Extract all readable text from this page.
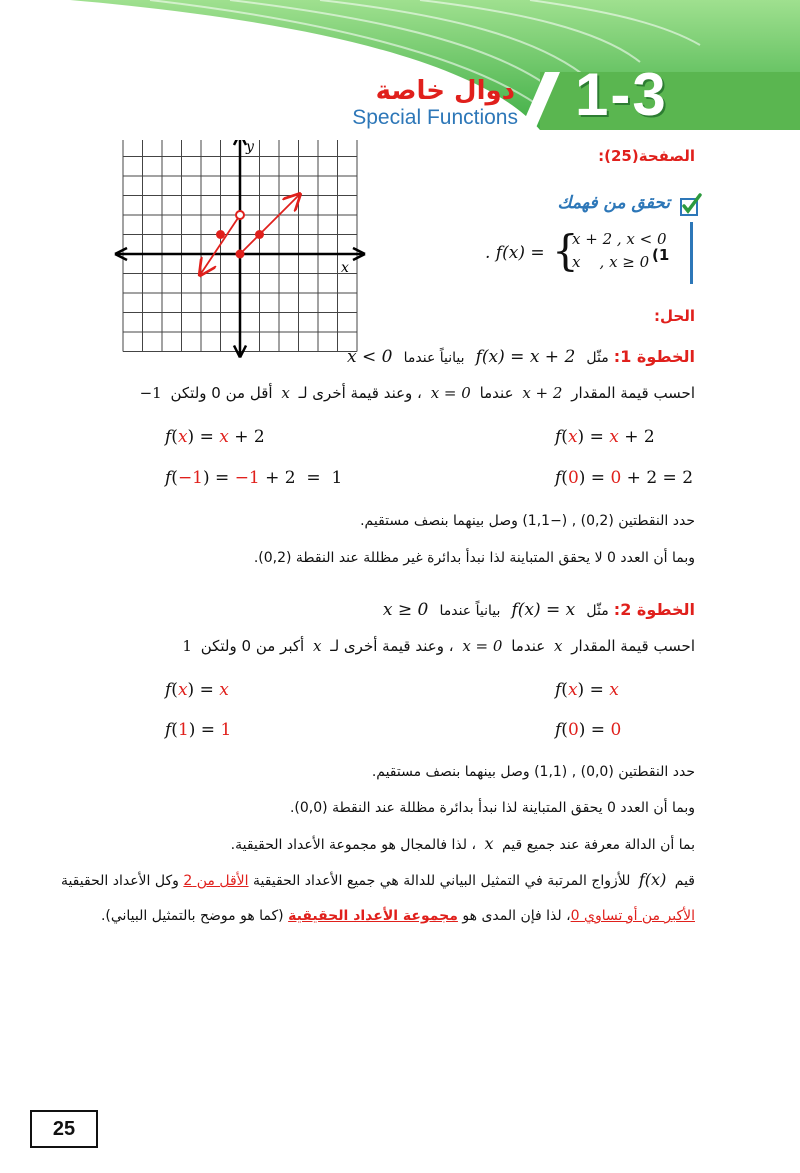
1-3
دوال خاصة
Special Functions
الصفحة(25):
تحقق من فهمك
(1
. f(x) = {
x + 2 , x < 0
x    , x ≥ 0
x
y
الحل:
الخطوة 1: مثّل f(x) = x + 2 بيانياً عندما x < 0
احسب قيمة المقدار x + 2 عندما x = 0 ، وعند قيمة أخرى لـ x أقل من 0 ولتكن −1
f(x) = x + 2
f(0) = 0 + 2 = 2
f(x) = x + 2
f(−1) = −1 + 2  =  1
حدد النقطتين (0,2) , (−1,1) وصل بينهما بنصف مستقيم.
وبما أن العدد 0 لا يحقق المتباينة لذا نبدأ بدائرة غير مظللة عند النقطة (0,2).
الخطوة 2: مثّل f(x) = x بيانياً عندما x ≥ 0
احسب قيمة المقدار x عندما x = 0 ، وعند قيمة أخرى لـ x أكبر من 0 ولتكن 1
f(x) = x
f(0) = 0
f(x) = x
f(1) = 1
حدد النقطتين (0,0) , (1,1) وصل بينهما بنصف مستقيم.
وبما أن العدد 0 يحقق المتباينة لذا نبدأ بدائرة مظللة عند النقطة (0,0).
بما أن الدالة معرفة عند جميع قيم x ، لذا فالمجال هو مجموعة الأعداد الحقيقية.
قيم f(x) للأزواج المرتبة في التمثيل البياني للدالة هي جميع الأعداد الحقيقية الأقل من 2 وكل الأعداد الحقيقية
الأكبر من أو تساوي 0، لذا فإن المدى هو مجموعة الأعداد الحقيقية (كما هو موضح بالتمثيل البياني).
25
